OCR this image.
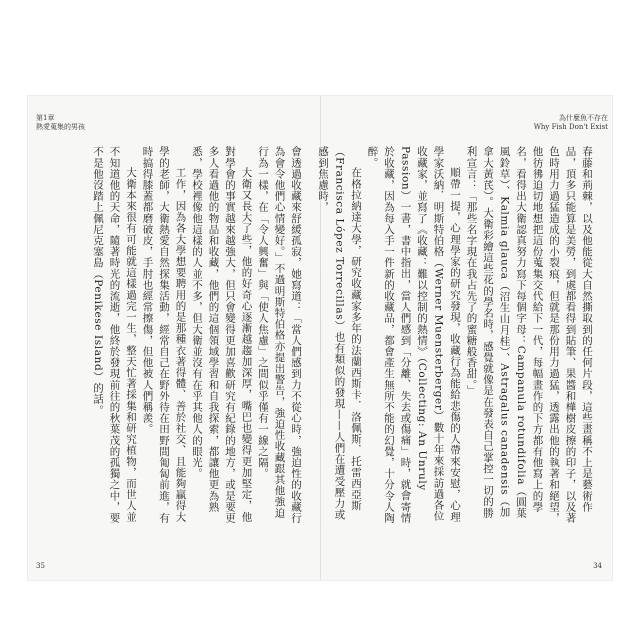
第1章
熱愛蒐集的男孩

會透過收藏來舒緩孤寂，她寫道：「當人們感到力不從心時，強迫性的收藏行為會令他們心情變好。」不過明斯特伯格亦提出警告，強迫性收藏跟其他強迫行為一樣，在「令人興奮」與「使人焦慮」之間似乎僅有一線之隔。

大衛又長大了些，他的好奇心逐漸越趨加深厚，嘴巴也變得更加堅定，他對學會的事實越來越強大，但只會變得更加喜歡研究有紀錄的地方，或是要更多人看過他的物品和收藏，他們的這個領域學習和自我探索，都讓他更為熟悉，學校裡像他這樣的人並不多，但大衛並沒有在乎其他人的眼光。

工作，因為各大學想要聘用的是那種衣著得體、善於社交、且能夠贏得大學的老師，大衛熱愛自然探集活動，經常自己在野外待在田野間匍匐前進，有時搞得膝蓋都磨破皮，手肘也經常擦傷，但他被人們稱羨。

大衛本來很有可能就這樣過完一生，整天忙著採集和研究植物，而世人並不知道他的天命，隨著時光的流逝，他終於發現前往的秋葉茂的孤獨之中，要不是他沒踏上佩尼克塞島（Penikese Island）的話。

35
為什麼魚不存在
Why Fish Don't Exist

春藤和荊棘，以及他能從大自然撕取到的任何片段，這些畫稱不上是藝術作品，頂多只能算是美勞，到處都看得到貼筆、果醬和樺樹皮擦的印子，以及著色時用力過猛造成的小裂痕，但就是那份用力過猛，透露出他的執著和絕望，他彷彿迫切地想把這份蒐集交代給下一代，每幅畫作的下方都有他寫上的學名，看得出大衛認真努力寫下每個字母：Campanula rotundifolia（圓葉風鈴草）、Kalmia glauca（沼生山月桂）、Astragalus canadensis（加拿大黃芪）。大衛彩繪這些花的學名時，感覺就像是在發表自己掌控一切的勝利宣言：「那些名字現在我占先了的蜜糖般香甜。」

順帶一提，心理學家的研究發現，收藏行為能給悲傷的人帶來安慰，心理學家沃納．明斯特伯格（Werner Muensterberger）數十年來採訪過各位收藏家，並寫了《收藏：難以控制的熱情》（Collecting: An Unruly Passion）一書，書中指出，當人們感到「分離、失去或傷痛」時，就會寄情於收藏，因為每入手一件新的收藏品，都會產生無所不能的幻覺，十分令人陶醉。

在格拉納達大學，研究收藏家多年的法蘭西斯卡．洛佩斯．托雷西亞斯（Francisca López Torrecillas）也有類似的發現——人們在遭受壓力或感到焦慮時，

34
